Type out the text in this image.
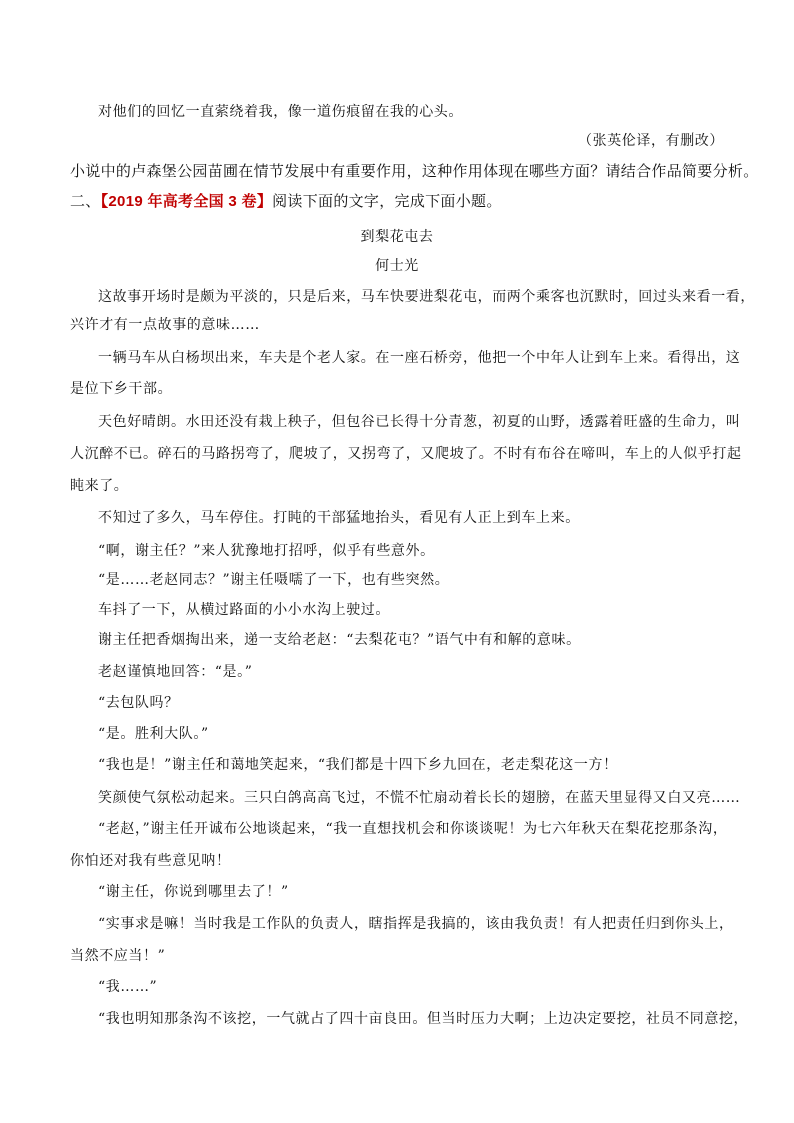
对他们的回忆一直萦绕着我，像一道伤痕留在我的心头。
（张英伦译，有删改）
小说中的卢森堡公园苗圃在情节发展中有重要作用，这种作用体现在哪些方面？请结合作品简要分析。
二、【2019 年高考全国 3 卷】阅读下面的文字，完成下面小题。
到梨花屯去
何士光
这故事开场时是颇为平淡的，只是后来，马车快要进梨花屯，而两个乘客也沉默时，回过头来看一看，
兴许才有一点故事的意味……
一辆马车从白杨坝出来，车夫是个老人家。在一座石桥旁，他把一个中年人让到车上来。看得出，这
是位下乡干部。
天色好晴朗。水田还没有栽上秧子，但包谷已长得十分青葱，初夏的山野，透露着旺盛的生命力，叫
人沉醉不已。碎石的马路拐弯了，爬坡了，又拐弯了，又爬坡了。不时有布谷在啼叫，车上的人似乎打起
盹来了。
不知过了多久，马车停住。打盹的干部猛地抬头，看见有人正上到车上来。
“啊，谢主任？”来人犹豫地打招呼，似乎有些意外。
“是……老赵同志？”谢主任嗫嚅了一下，也有些突然。
车抖了一下，从横过路面的小小水沟上驶过。
谢主任把香烟掏出来，递一支给老赵：“去梨花屯？”语气中有和解的意味。
老赵谨慎地回答：“是。”
“去包队吗？
“是。胜利大队。”
“我也是！”谢主任和蔼地笑起来，“我们都是十四下乡九回在，老走梨花这一方！
笑颜使气氛松动起来。三只白鸽高高飞过，不慌不忙扇动着长长的翅膀，在蓝天里显得又白又亮……
“老赵，”谢主任开诚布公地谈起来，“我一直想找机会和你谈谈呢！为七六年秋天在梨花挖那条沟，
你怕还对我有些意见呐！
“谢主任，你说到哪里去了！”
“实事求是嘛！当时我是工作队的负责人，瞎指挥是我搞的，该由我负责！有人把责任归到你头上，
当然不应当！”
“我……”
“我也明知那条沟不该挖，一气就占了四十亩良田。但当时压力大啊；上边决定要挖，社员不同意挖，
